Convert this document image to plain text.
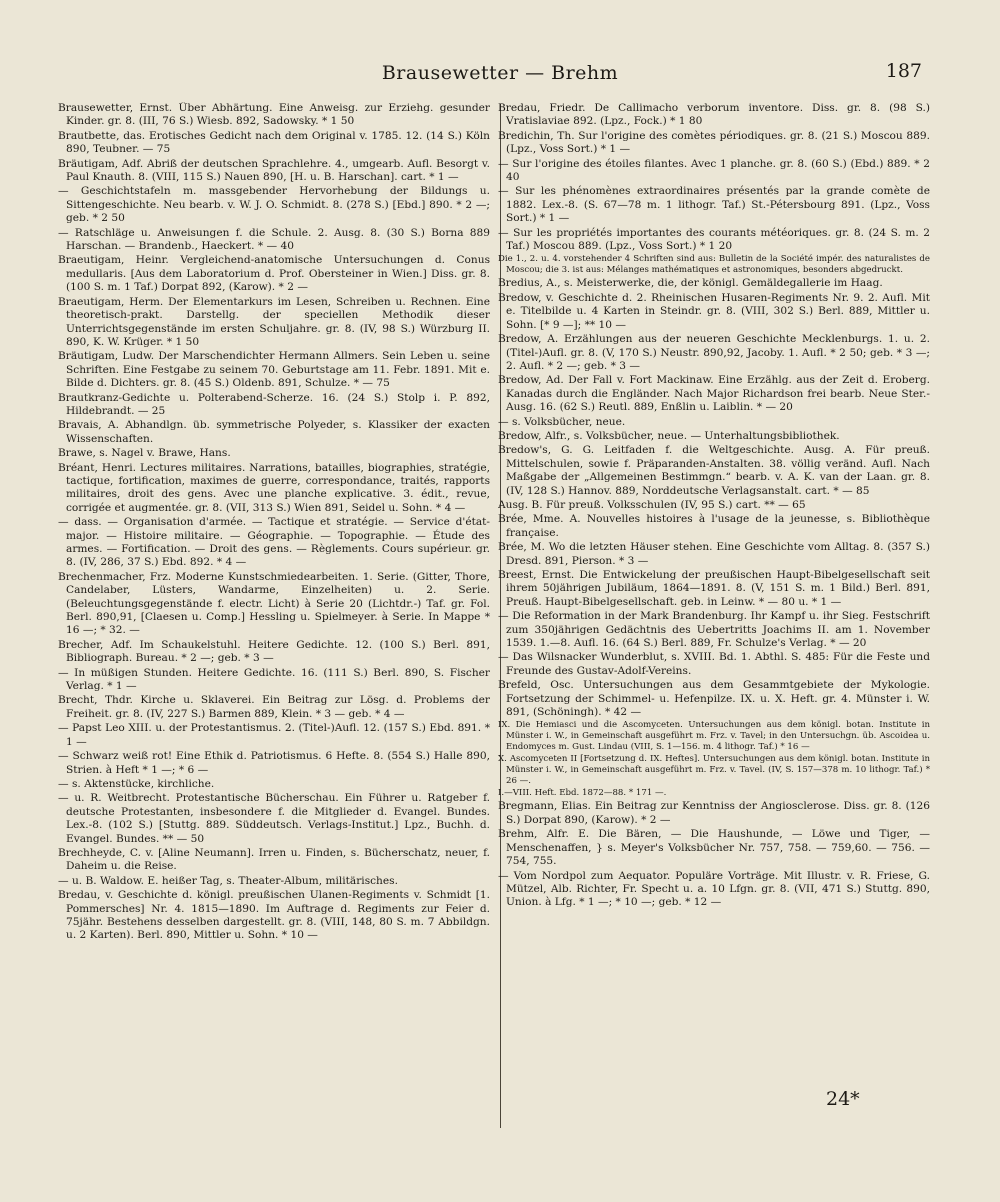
Brausewetter — Brehm	187

Brausewetter, Ernst. Über Abhärtung. Eine Anweisg. zur Erziehg. gesunder Kinder. gr. 8. (III, 76 S.) Wiesb. 892, Sadowsky. * 1 50

Brautbette, das. Erotisches Gedicht nach dem Original v. 1785. 12. (14 S.) Köln 890, Teubner. — 75

Bräutigam, Adf. Abriß der deutschen Sprachlehre. 4., umgearb. Aufl. Besorgt v. Paul Knauth. 8. (VIII, 115 S.) Nauen 890, [H. u. B. Harschan]. cart. * 1 —

— Geschichtstafeln m. massgebender Hervorhebung der Bildungs u. Sittengeschichte. Neu bearb. v. W. J. O. Schmidt. 8. (278 S.) [Ebd.] 890. * 2 —; geb. * 2 50

— Ratschläge u. Anweisungen f. die Schule. 2. Ausg. 8. (30 S.) Borna 889 Harschan. — Brandenb., Haeckert. * — 40

Braeutigam, Heinr. Vergleichend-anatomische Untersuchungen d. Conus medullaris. [Aus dem Laboratorium d. Prof. Obersteiner in Wien.] Diss. gr. 8. (100 S. m. 1 Taf.) Dorpat 892, (Karow). * 2 —

Braeutigam, Herm. Der Elementarkurs im Lesen, Schreiben u. Rechnen. Eine theoretisch-prakt. Darstellg. der speciellen Methodik dieser Unterrichtsgegenstände im ersten Schuljahre. gr. 8. (IV, 98 S.) Würzburg II. 890, K. W. Krüger. * 1 50

Bräutigam, Ludw. Der Marschendichter Hermann Allmers. Sein Leben u. seine Schriften. Eine Festgabe zu seinem 70. Geburtstage am 11. Febr. 1891. Mit e. Bilde d. Dichters. gr. 8. (45 S.) Oldenb. 891, Schulze. * — 75

Brautkranz-Gedichte u. Polterabend-Scherze. 16. (24 S.) Stolp i. P. 892, Hildebrandt. — 25

Bravais, A. Abhandlgn. üb. symmetrische Polyeder, s. Klassiker der exacten Wissenschaften.

Brawe, s. Nagel v. Brawe, Hans.

Bréant, Henri. Lectures militaires. Narrations, batailles, biographies, stratégie, tactique, fortification, maximes de guerre, correspondance, traités, rapports militaires, droit des gens. Avec une planche explicative. 3. édit., revue, corrigée et augmentée. gr. 8. (VII, 313 S.) Wien 891, Seidel u. Sohn. * 4 —

— dass. — Organisation d'armée. — Tactique et stratégie. — Service d'état-major. — Histoire militaire. — Géographie. — Topographie. — Étude des armes. — Fortification. — Droit des gens. — Règlements. Cours supérieur. gr. 8. (IV, 286, 37 S.) Ebd. 892. * 4 —

Brechenmacher, Frz. Moderne Kunstschmiedearbeiten. 1. Serie. (Gitter, Thore, Candelaber, Lüsters, Wandarme, Einzelheiten) u. 2. Serie. (Beleuchtungsgegenstände f. electr. Licht) à Serie 20 (Lichtdr.-) Taf. gr. Fol. Berl. 890,91, [Claesen u. Comp.] Hessling u. Spielmeyer. à Serie. In Mappe * 16 —; * 32. —

Brecher, Adf. Im Schaukelstuhl. Heitere Gedichte. 12. (100 S.) Berl. 891, Bibliograph. Bureau. * 2 —; geb. * 3 —

— In müßigen Stunden. Heitere Gedichte. 16. (111 S.) Berl. 890, S. Fischer Verlag. * 1 —

Brecht, Thdr. Kirche u. Sklaverei. Ein Beitrag zur Lösg. d. Problems der Freiheit. gr. 8. (IV, 227 S.) Barmen 889, Klein. * 3 — geb. * 4 —

— Papst Leo XIII. u. der Protestantismus. 2. (Titel-)Aufl. 12. (157 S.) Ebd. 891. * 1 —

— Schwarz weiß rot! Eine Ethik d. Patriotismus. 6 Hefte. 8. (554 S.) Halle 890, Strien. à Heft * 1 —; * 6 —

— s. Aktenstücke, kirchliche.

— u. R. Weitbrecht. Protestantische Bücherschau. Ein Führer u. Ratgeber f. deutsche Protestanten, insbesondere f. die Mitglieder d. Evangel. Bundes. Lex.-8. (102 S.) [Stuttg. 889. Süddeutsch. Verlags-Institut.] Lpz., Buchh. d. Evangel. Bundes. ** — 50

Brechheyde, C. v. [Aline Neumann]. Irren u. Finden, s. Bücherschatz, neuer, f. Daheim u. die Reise.

— u. B. Waldow. E. heißer Tag, s. Theater-Album, militärisches.

Bredau, v. Geschichte d. königl. preußischen Ulanen-Regiments v. Schmidt [1. Pommersches] Nr. 4. 1815—1890. Im Auftrage d. Regiments zur Feier d. 75jähr. Bestehens desselben dargestellt. gr. 8. (VIII, 148, 80 S. m. 7 Abbildgn. u. 2 Karten). Berl. 890, Mittler u. Sohn. * 10 —

Bredau, Friedr. De Callimacho verborum inventore. Diss. gr. 8. (98 S.) Vratislaviae 892. (Lpz., Fock.) * 1 80

Bredichin, Th. Sur l'origine des comètes périodiques. gr. 8. (21 S.) Moscou 889. (Lpz., Voss Sort.) * 1 —

— Sur l'origine des étoiles filantes. Avec 1 planche. gr. 8. (60 S.) (Ebd.) 889. * 2 40

— Sur les phénomènes extraordinaires présentés par la grande comète de 1882. Lex.-8. (S. 67—78 m. 1 lithogr. Taf.) St.-Pétersbourg 891. (Lpz., Voss Sort.) * 1 —

— Sur les propriétés importantes des courants météoriques. gr. 8. (24 S. m. 2 Taf.) Moscou 889. (Lpz., Voss Sort.) * 1 20

Die 1., 2. u. 4. vorstehender 4 Schriften sind aus: Bulletin de la Société impér. des naturalistes de Moscou; die 3. ist aus: Mélanges mathématiques et astronomiques, besonders abgedruckt.

Bredius, A., s. Meisterwerke, die, der königl. Gemäldegallerie im Haag.

Bredow, v. Geschichte d. 2. Rheinischen Husaren-Regiments Nr. 9. 2. Aufl. Mit e. Titelbilde u. 4 Karten in Steindr. gr. 8. (VIII, 302 S.) Berl. 889, Mittler u. Sohn. [* 9 —]; ** 10 —

Bredow, A. Erzählungen aus der neueren Geschichte Mecklenburgs. 1. u. 2. (Titel-)Aufl. gr. 8. (V, 170 S.) Neustr. 890,92, Jacoby. 1. Aufl. * 2 50; geb. * 3 —; 2. Aufl. * 2 —; geb. * 3 —

Bredow, Ad. Der Fall v. Fort Mackinaw. Eine Erzählg. aus der Zeit d. Eroberg. Kanadas durch die Engländer. Nach Major Richardson frei bearb. Neue Ster.-Ausg. 16. (62 S.) Reutl. 889, Enßlin u. Laiblin. * — 20

— s. Volksbücher, neue.

Bredow, Alfr., s. Volksbücher, neue. — Unterhaltungsbibliothek.

Bredow's, G. G. Leitfaden f. die Weltgeschichte. Ausg. A. Für preuß. Mittelschulen, sowie f. Präparanden-Anstalten. 38. völlig veränd. Aufl. Nach Maßgabe der „Allgemeinen Bestimmgn.“ bearb. v. A. K. van der Laan. gr. 8. (IV, 128 S.) Hannov. 889, Norddeutsche Verlagsanstalt. cart. * — 85

Ausg. B. Für preuß. Volksschulen (IV, 95 S.) cart. ** — 65

Brée, Mme. A. Nouvelles histoires à l'usage de la jeunesse, s. Bibliothèque française.

Brée, M. Wo die letzten Häuser stehen. Eine Geschichte vom Alltag. 8. (357 S.) Dresd. 891, Pierson. * 3 —

Breest, Ernst. Die Entwickelung der preußischen Haupt-Bibelgesellschaft seit ihrem 50jährigen Jubiläum, 1864—1891. 8. (V, 151 S. m. 1 Bild.) Berl. 891, Preuß. Haupt-Bibelgesellschaft. geb. in Leinw. * — 80 u. * 1 —

— Die Reformation in der Mark Brandenburg. Ihr Kampf u. ihr Sieg. Festschrift zum 350jährigen Gedächtnis des Uebertritts Joachims II. am 1. November 1539. 1.—8. Aufl. 16. (64 S.) Berl. 889, Fr. Schulze's Verlag. * — 20

— Das Wilsnacker Wunderblut, s. XVIII. Bd. 1. Abthl. S. 485: Für die Feste und Freunde des Gustav-Adolf-Vereins.

Brefeld, Osc. Untersuchungen aus dem Gesammtgebiete der Mykologie. Fortsetzung der Schimmel- u. Hefenpilze. IX. u. X. Heft. gr. 4. Münster i. W. 891, (Schöningh). * 42 —

IX. Die Hemiasci und die Ascomyceten. Untersuchungen aus dem königl. botan. Institute in Münster i. W., in Gemeinschaft ausgeführt m. Frz. v. Tavel; in den Untersuchgn. üb. Ascoidea u. Endomyces m. Gust. Lindau (VIII, S. 1—156. m. 4 lithogr. Taf.) * 16 —

X. Ascomyceten II [Fortsetzung d. IX. Heftes]. Untersuchungen aus dem königl. botan. Institute in Münster i. W., in Gemeinschaft ausgeführt m. Frz. v. Tavel. (IV, S. 157—378 m. 10 lithogr. Taf.) * 26 —.

I.—VIII. Heft. Ebd. 1872—88. * 171 —.

Bregmann, Elias. Ein Beitrag zur Kenntniss der Angiosclerose. Diss. gr. 8. (126 S.) Dorpat 890, (Karow). * 2 —

Brehm, Alfr. E. Die Bären, — Die Haushunde, — Löwe und Tiger, — Menschenaffen, } s. Meyer's Volksbücher Nr. 757, 758. — 759,60. — 756. — 754, 755.

— Vom Nordpol zum Aequator. Populäre Vorträge. Mit Illustr. v. R. Friese, G. Mützel, Alb. Richter, Fr. Specht u. a. 10 Lfgn. gr. 8. (VII, 471 S.) Stuttg. 890, Union. à Lfg. * 1 —; * 10 —; geb. * 12 —

24*
